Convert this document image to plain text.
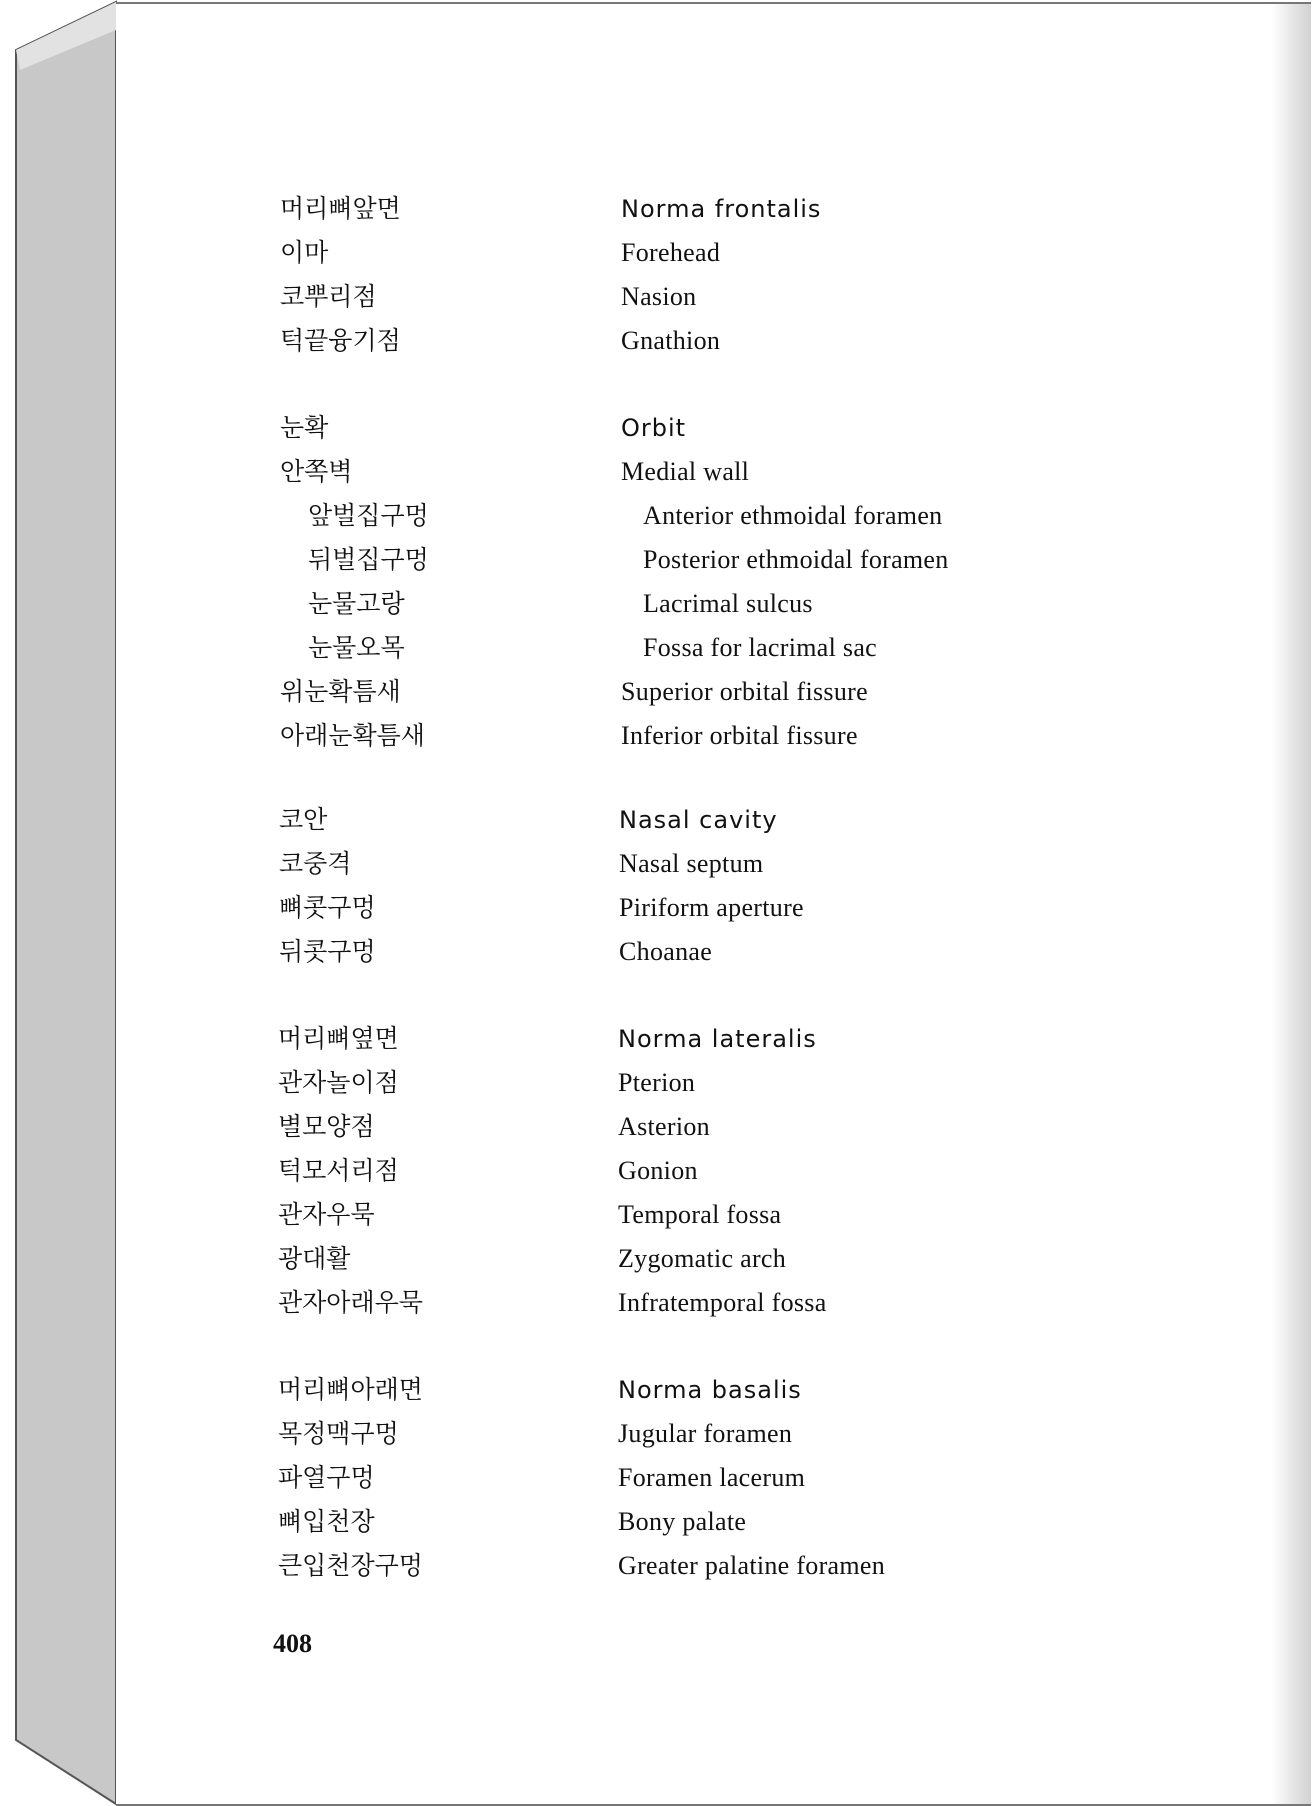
머리뼈앞면	Norma frontalis
이마	Forehead
코뿌리점	Nasion
턱끝융기점	Gnathion
눈확	Orbit
안쪽벽	Medial wall
앞벌집구멍	Anterior ethmoidal foramen
뒤벌집구멍	Posterior ethmoidal foramen
눈물고랑	Lacrimal sulcus
눈물오목	Fossa for lacrimal sac
위눈확틈새	Superior orbital fissure
아래눈확틈새	Inferior orbital fissure
코안	Nasal cavity
코중격	Nasal septum
뼈콧구멍	Piriform aperture
뒤콧구멍	Choanae
머리뼈옆면	Norma lateralis
관자놀이점	Pterion
별모양점	Asterion
턱모서리점	Gonion
관자우묵	Temporal fossa
광대활	Zygomatic arch
관자아래우묵	Infratemporal fossa
머리뼈아래면	Norma basalis
목정맥구멍	Jugular foramen
파열구멍	Foramen lacerum
뼈입천장	Bony palate
큰입천장구멍	Greater palatine foramen
408
